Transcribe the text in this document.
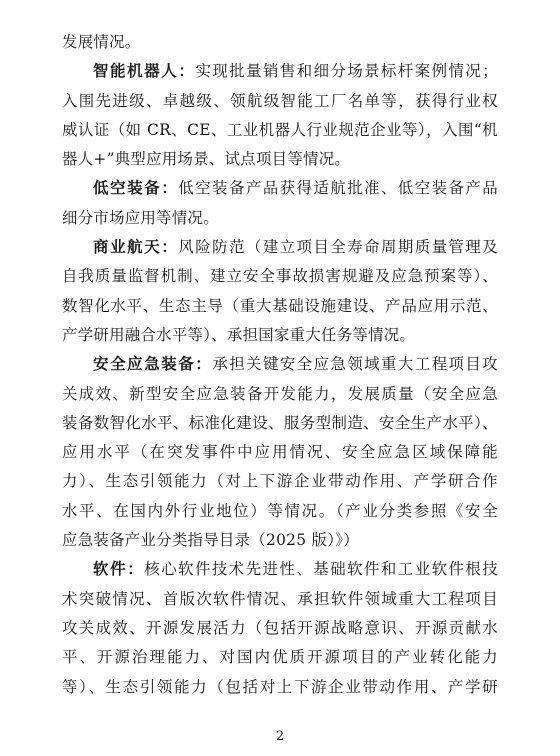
发展情况。
智能机器人：实现批量销售和细分场景标杆案例情况；
入围先进级、卓越级、领航级智能工厂名单等，获得行业权
威认证（如 CR、CE、工业机器人行业规范企业等），入围“机
器人+”典型应用场景、试点项目等情况。
低空装备：低空装备产品获得适航批准、低空装备产品
细分市场应用等情况。
商业航天：风险防范（建立项目全寿命周期质量管理及
自我质量监督机制、建立安全事故损害规避及应急预案等）、
数智化水平、生态主导（重大基础设施建设、产品应用示范、
产学研用融合水平等）、承担国家重大任务等情况。
安全应急装备：承担关键安全应急领域重大工程项目攻
关成效、新型安全应急装备开发能力，发展质量（安全应急
装备数智化水平、标准化建设、服务型制造、安全生产水平）、
应用水平（在突发事件中应用情况、安全应急区域保障能
力）、生态引领能力（对上下游企业带动作用、产学研合作
水平、在国内外行业地位）等情况。（产业分类参照《安全
应急装备产业分类指导目录（2025 版）》）
软件：核心软件技术先进性、基础软件和工业软件根技
术突破情况、首版次软件情况、承担软件领域重大工程项目
攻关成效、开源发展活力（包括开源战略意识、开源贡献水
平、开源治理能力、对国内优质开源项目的产业转化能力
等）、生态引领能力（包括对上下游企业带动作用、产学研
2
